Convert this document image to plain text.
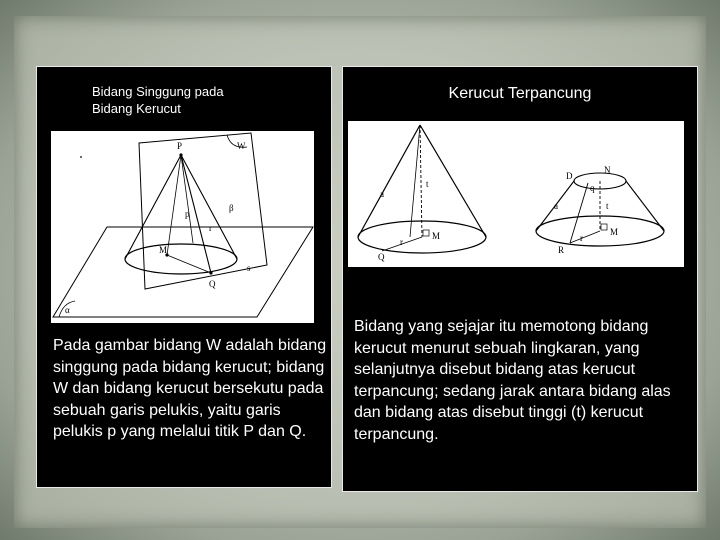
Bidang Singgung pada
Bidang Kerucut
α
W
β
P
p
M
Q
r
s
Pada gambar bidang W adalah bidang singgung pada bidang kerucut; bidang W dan bidang kerucut bersekutu pada sebuah garis pelukis, yaitu garis pelukis p yang melalui titik P dan Q.
Kerucut Terpancung
t
a
r
M
Q
D
N
q
t
a
M
r
R
Bidang yang sejajar itu memotong bidang kerucut menurut sebuah lingkaran, yang selanjutnya disebut bidang atas kerucut terpancung; sedang jarak antara bidang alas dan bidang atas disebut tinggi (t) kerucut terpancung.
